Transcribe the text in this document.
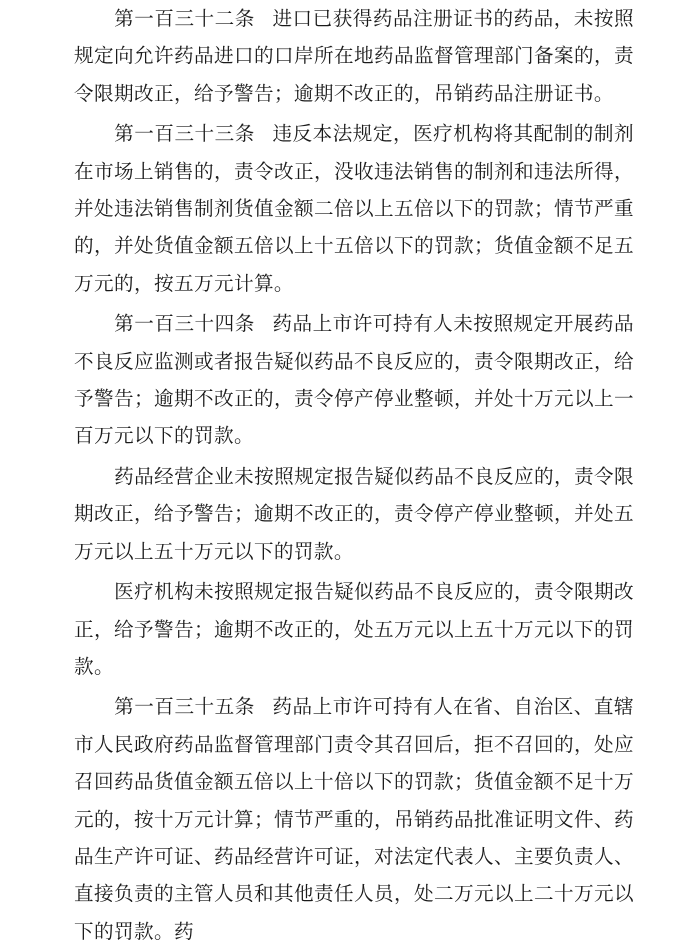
第一百三十二条 进口已获得药品注册证书的药品，未按照规定向允许药品进口的口岸所在地药品监督管理部门备案的，责令限期改正，给予警告；逾期不改正的，吊销药品注册证书。

第一百三十三条 违反本法规定，医疗机构将其配制的制剂在市场上销售的，责令改正，没收违法销售的制剂和违法所得，并处违法销售制剂货值金额二倍以上五倍以下的罚款；情节严重的，并处货值金额五倍以上十五倍以下的罚款；货值金额不足五万元的，按五万元计算。

第一百三十四条 药品上市许可持有人未按照规定开展药品不良反应监测或者报告疑似药品不良反应的，责令限期改正，给予警告；逾期不改正的，责令停产停业整顿，并处十万元以上一百万元以下的罚款。

药品经营企业未按照规定报告疑似药品不良反应的，责令限期改正，给予警告；逾期不改正的，责令停产停业整顿，并处五万元以上五十万元以下的罚款。

医疗机构未按照规定报告疑似药品不良反应的，责令限期改正，给予警告；逾期不改正的，处五万元以上五十万元以下的罚款。

第一百三十五条 药品上市许可持有人在省、自治区、直辖市人民政府药品监督管理部门责令其召回后，拒不召回的，处应召回药品货值金额五倍以上十倍以下的罚款；货值金额不足十万元的，按十万元计算；情节严重的，吊销药品批准证明文件、药品生产许可证、药品经营许可证，对法定代表人、主要负责人、直接负责的主管人员和其他责任人员，处二万元以上二十万元以下的罚款。药
